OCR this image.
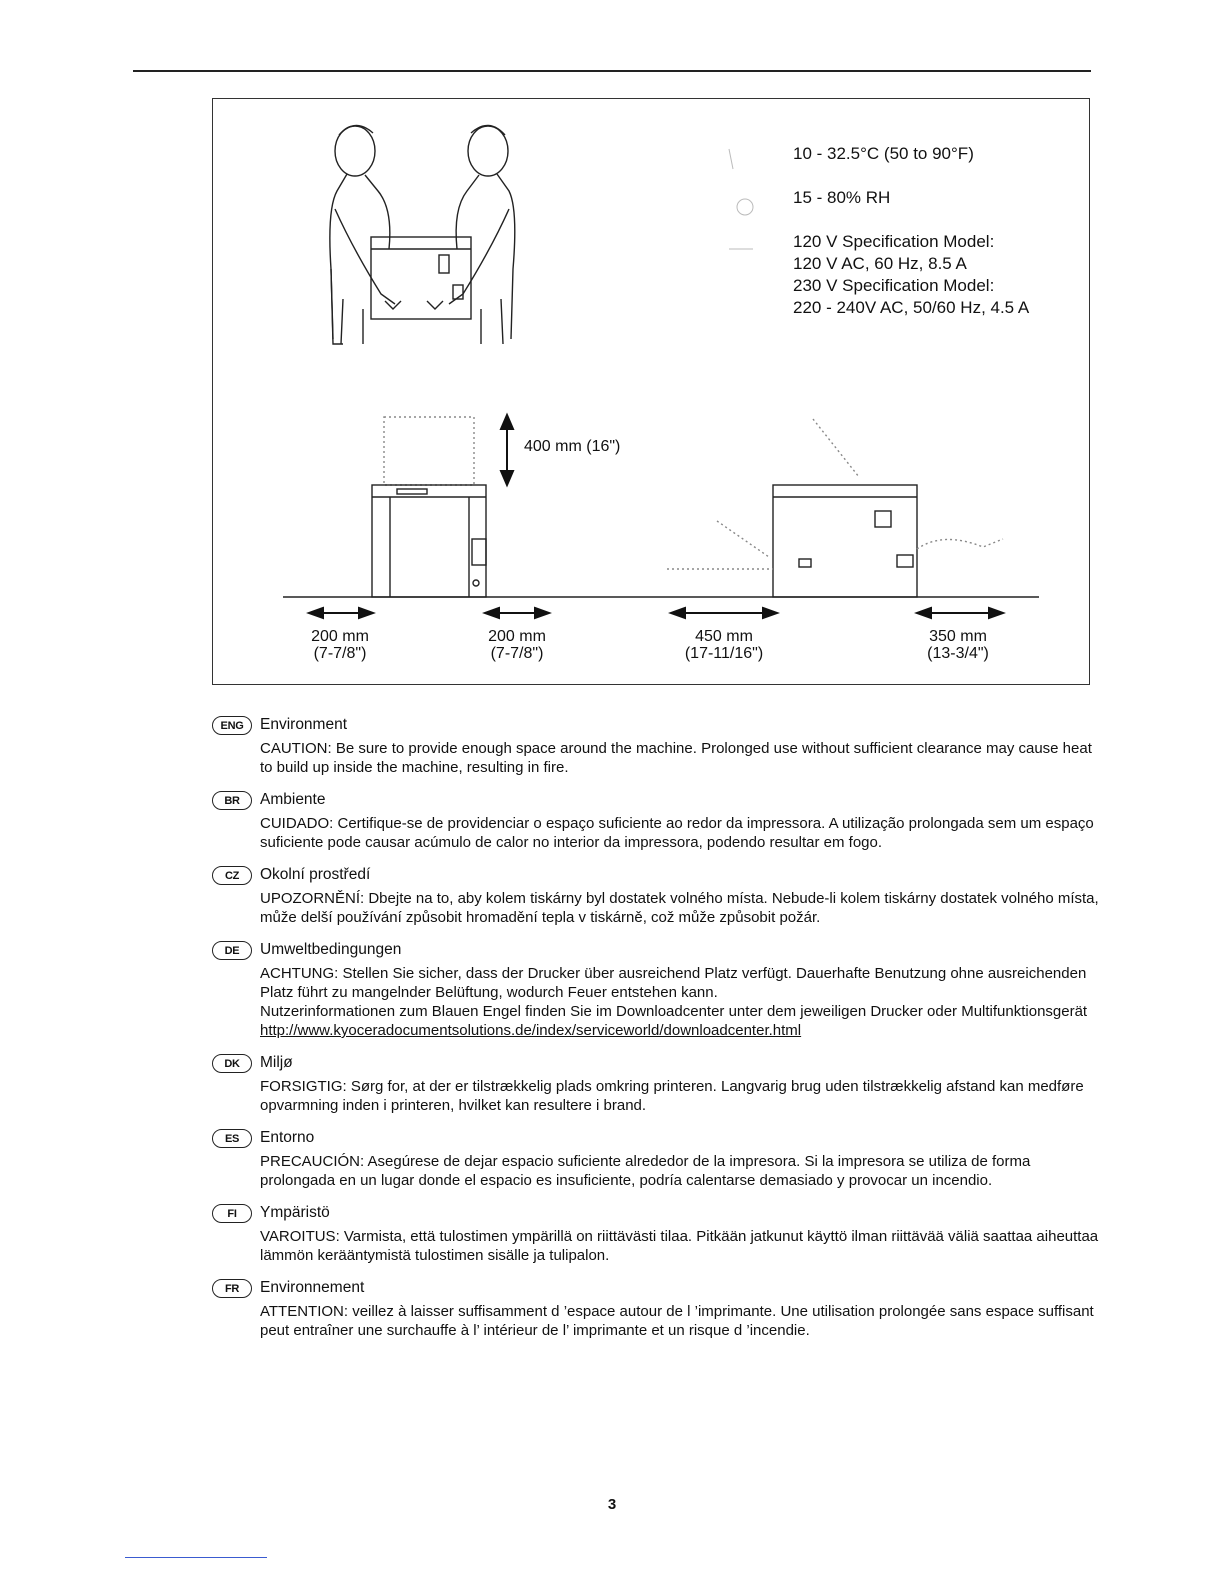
10 - 32.5°C (50 to 90°F)
15 - 80% RH
120 V Specification Model:
120 V AC, 60 Hz, 8.5 A
230 V Specification Model:
220 - 240V AC, 50/60 Hz, 4.5 A
400 mm (16")
200 mm
(7-7/8")
200 mm
(7-7/8")
450 mm
(17-11/16")
350 mm
(13-3/4")
ENG	Environment

CAUTION: Be sure to provide enough space around the machine. Prolonged use without sufficient clearance may cause heat to build up inside the machine, resulting in fire.

BR	Ambiente

CUIDADO: Certifique-se de providenciar o espaço suficiente ao redor da impressora. A utilização prolongada sem um espaço suficiente pode causar acúmulo de calor no interior da impressora, podendo resultar em fogo.

CZ	Okolní prostředí

UPOZORNĚNÍ: Dbejte na to, aby kolem tiskárny byl dostatek volného místa. Nebude-li kolem tiskárny dostatek volného místa, může delší používání způsobit hromadění tepla v tiskárně, což může způsobit požár.

DE	Umweltbedingungen

ACHTUNG: Stellen Sie sicher, dass der Drucker über ausreichend Platz verfügt. Dauerhafte Benutzung ohne ausreichenden Platz führt zu mangelnder Belüftung, wodurch Feuer entstehen kann.

Nutzerinformationen zum Blauen Engel finden Sie im Downloadcenter unter dem jeweiligen Drucker oder Multifunktionsgerät http://www.kyoceradocumentsolutions.de/index/serviceworld/downloadcenter.html

DK	Miljø

FORSIGTIG: Sørg for, at der er tilstrækkelig plads omkring printeren. Langvarig brug uden tilstrækkelig afstand kan medføre opvarmning inden i printeren, hvilket kan resultere i brand.

ES	Entorno

PRECAUCIÓN: Asegúrese de dejar espacio suficiente alrededor de la impresora. Si la impresora se utiliza de forma prolongada en un lugar donde el espacio es insuficiente, podría calentarse demasiado y provocar un incendio.

FI	Ympäristö

VAROITUS: Varmista, että tulostimen ympärillä on riittävästi tilaa. Pitkään jatkunut käyttö ilman riittävää väliä saattaa aiheuttaa lämmön kerääntymistä tulostimen sisälle ja tulipalon.

FR	Environnement

ATTENTION: veillez à laisser suffisamment d ’espace autour de l ’imprimante. Une utilisation prolongée sans espace suffisant peut entraîner une surchauffe à l’ intérieur de l’ imprimante et un risque d ’incendie.

3
